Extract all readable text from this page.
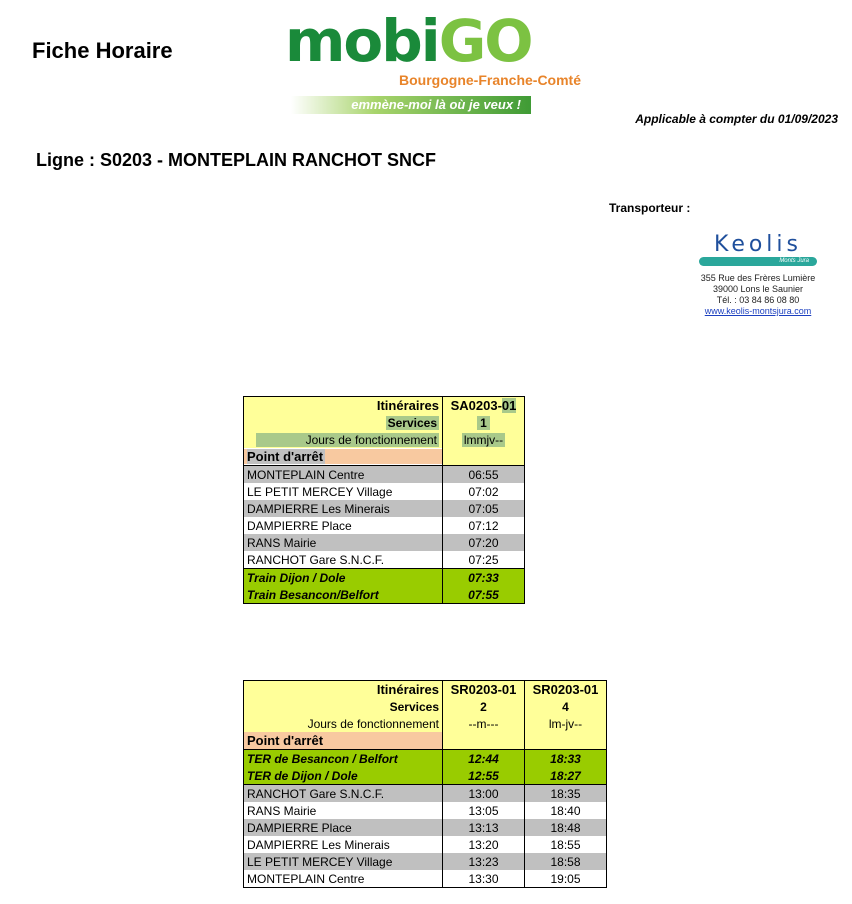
Fiche Horaire mobiGO
Bourgogne-Franche-Comté
emmène-moi là où je veux !
Applicable à compter du 01/09/2023
Ligne : S0203 - MONTEPLAIN RANCHOT SNCF
Transporteur :
Keolis
Monts Jura
355 Rue des Frères Lumière
39000 Lons le Saunier
Tél. : 03 84 86 08 80
www.keolis-montsjura.com
Itinéraires	SA0203-01
Services	1
Jours de fonctionnement	lmmjv--

Point d'arrêt	

MONTEPLAIN Centre	06:55
LE PETIT MERCEY Village	07:02
DAMPIERRE Les Minerais	07:05
DAMPIERRE Place	07:12
RANS Mairie	07:20
RANCHOT Gare S.N.C.F.	07:25
Train Dijon / Dole	07:33
Train Besancon/Belfort	07:55
Itinéraires	SR0203-01	SR0203-01
Services	2	4
Jours de fonctionnement	--m---	lm-jv--
Point d'arrêt		
TER de Besancon / Belfort	12:44	18:33
TER de Dijon / Dole	12:55	18:27
RANCHOT Gare S.N.C.F.	13:00	18:35
RANS Mairie	13:05	18:40
DAMPIERRE Place	13:13	18:48
DAMPIERRE Les Minerais	13:20	18:55
LE PETIT MERCEY Village	13:23	18:58
MONTEPLAIN Centre	13:30	19:05
